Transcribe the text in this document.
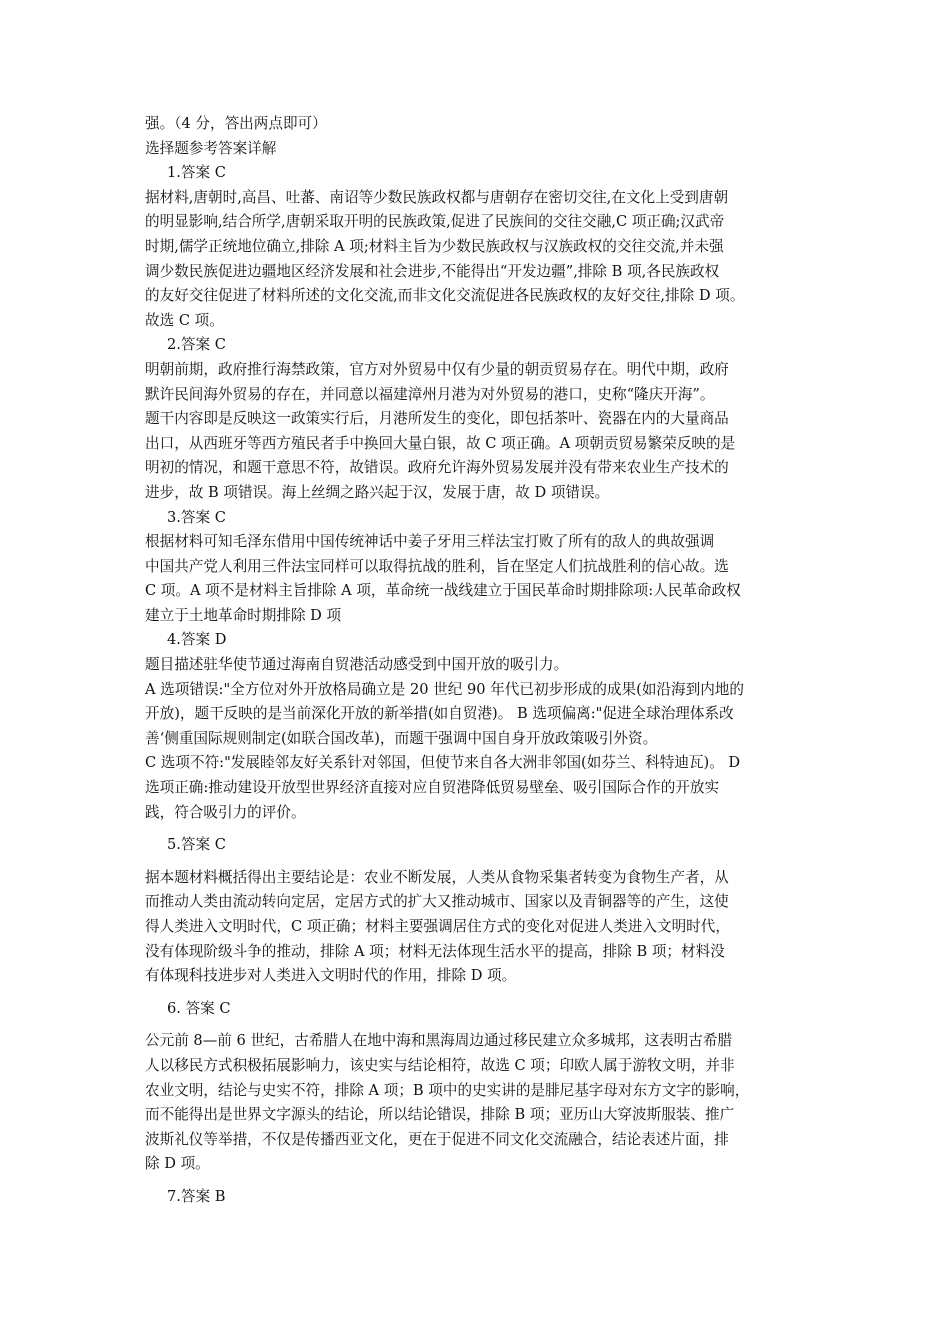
强。（4 分，答出两点即可）
选择题参考答案详解
1.答案 C
据材料,唐朝时,高昌、吐蕃、南诏等少数民族政权都与唐朝存在密切交往,在文化上受到唐朝
的明显影响,结合所学,唐朝采取开明的民族政策,促进了民族间的交往交融,C 项正确;汉武帝
时期,儒学正统地位确立,排除 A 项;材料主旨为少数民族政权与汉族政权的交往交流,并未强
调少数民族促进边疆地区经济发展和社会进步,不能得出“开发边疆”,排除 B 项,各民族政权
的友好交往促进了材料所述的文化交流,而非文化交流促进各民族政权的友好交往,排除 D 项。
故选 C 项。
2.答案 C
明朝前期，政府推行海禁政策，官方对外贸易中仅有少量的朝贡贸易存在。明代中期，政府
默许民间海外贸易的存在，并同意以福建漳州月港为对外贸易的港口，史称“隆庆开海”。
题干内容即是反映这一政策实行后，月港所发生的变化，即包括茶叶、瓷器在内的大量商品
出口，从西班牙等西方殖民者手中换回大量白银，故 C 项正确。A 项朝贡贸易繁荣反映的是
明初的情况，和题干意思不符，故错误。政府允许海外贸易发展并没有带来农业生产技术的
进步，故 B 项错误。海上丝绸之路兴起于汉，发展于唐，故 D 项错误。
3.答案 C
根据材料可知毛泽东借用中国传统神话中姜子牙用三样法宝打败了所有的敌人的典故强调
中国共产党人利用三件法宝同样可以取得抗战的胜利，旨在坚定人们抗战胜利的信心故。选
C 项。A 项不是材料主旨排除 A 项，革命统一战线建立于国民革命时期排除项:人民革命政权
建立于土地革命时期排除 D 项
4.答案 D
题目描述驻华使节通过海南自贸港活动感受到中国开放的吸引力。
A 选项错误:"全方位对外开放格局确立是 20 世纪 90 年代已初步形成的成果(如沿海到内地的
开放)，题干反映的是当前深化开放的新举措(如自贸港)。 B 选项偏离:"促进全球治理体系改
善‘侧重国际规则制定(如联合国改革)，而题干强调中国自身开放政策吸引外资。
C 选项不符:"发展睦邻友好关系针对邻国，但使节来自各大洲非邻国(如芬兰、科特迪瓦)。 D
选项正确:推动建设开放型世界经济直接对应自贸港降低贸易壁垒、吸引国际合作的开放实
践，符合吸引力的评价。
5.答案 C
据本题材料概括得出主要结论是：农业不断发展，人类从食物采集者转变为食物生产者，从
而推动人类由流动转向定居，定居方式的扩大又推动城市、国家以及青铜器等的产生，这使
得人类进入文明时代，C 项正确；材料主要强调居住方式的变化对促进人类进入文明时代，
没有体现阶级斗争的推动，排除 A 项；材料无法体现生活水平的提高，排除 B 项；材料没
有体现科技进步对人类进入文明时代的作用，排除 D 项。
6. 答案 C
公元前 8—前 6 世纪，古希腊人在地中海和黑海周边通过移民建立众多城邦，这表明古希腊
人以移民方式积极拓展影响力，该史实与结论相符，故选 C 项；印欧人属于游牧文明，并非
农业文明，结论与史实不符，排除 A 项；B 项中的史实讲的是腓尼基字母对东方文字的影响，
而不能得出是世界文字源头的结论，所以结论错误，排除 B 项；亚历山大穿波斯服装、推广
波斯礼仪等举措，不仅是传播西亚文化，更在于促进不同文化交流融合，结论表述片面，排
除 D 项。
7.答案 B
